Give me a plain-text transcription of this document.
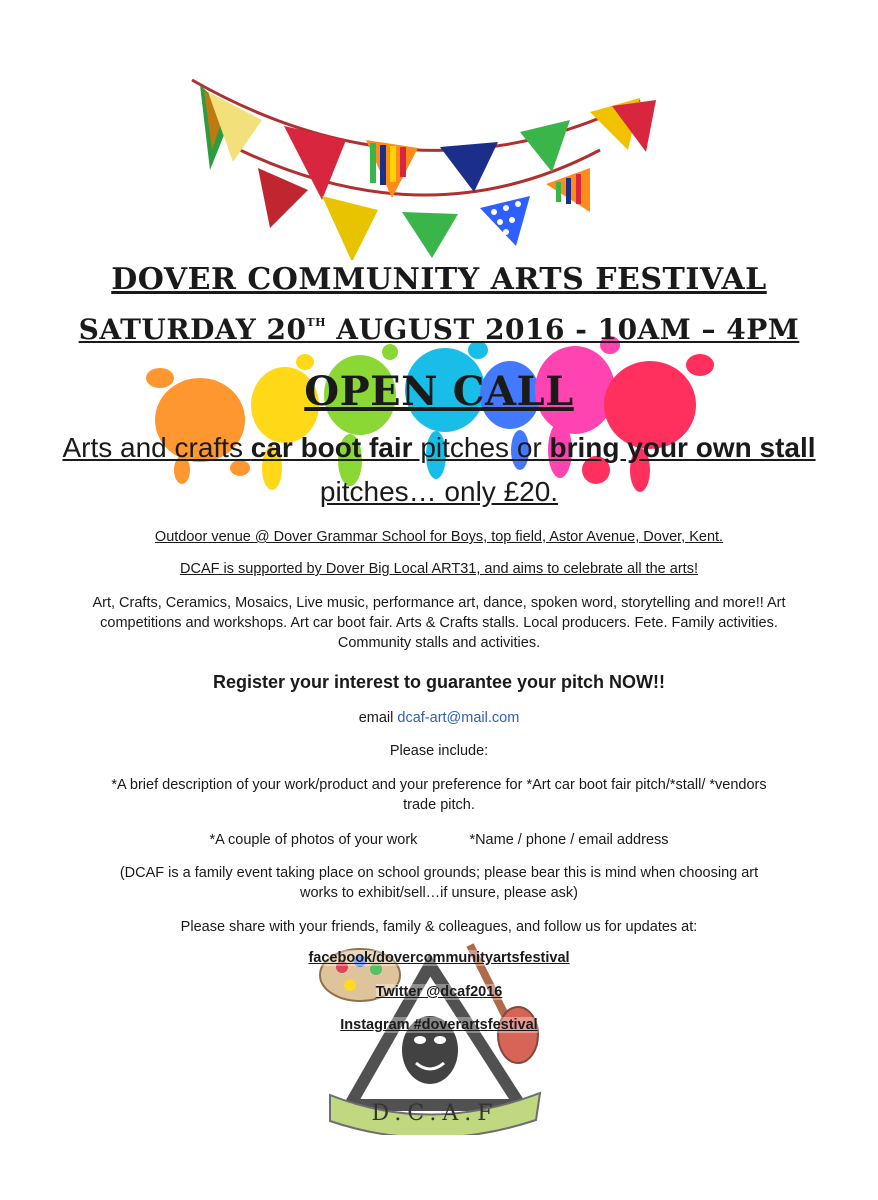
D.C.A.F
DOVER COMMUNITY ARTS FESTIVAL
SATURDAY 20TH AUGUST 2016 - 10AM – 4PM
OPEN CALL
Arts and crafts car boot fair pitches or bring your own stall pitches… only £20.
Outdoor venue @ Dover Grammar School for Boys, top field, Astor Avenue, Dover, Kent.
DCAF is supported by Dover Big Local ART31, and aims to celebrate all the arts!
Art, Crafts, Ceramics, Mosaics, Live music, performance art, dance, spoken word, storytelling and more!! Art competitions and workshops. Art car boot fair. Arts & Crafts stalls. Local producers. Fete. Family activities. Community stalls and activities.
Register your interest to guarantee your pitch NOW!!
email dcaf-art@mail.com
Please include:
*A brief description of your work/product and your preference for *Art car boot fair pitch/*stall/ *vendors trade pitch.
*A couple of photos of your work	*Name / phone / email address
(DCAF is a family event taking place on school grounds; please bear this is mind when choosing art works to exhibit/sell…if unsure, please ask)
Please share with your friends, family & colleagues, and follow us for updates at:
facebook/dovercommunityartsfestival
Twitter @dcaf2016
Instagram #doverartsfestival
